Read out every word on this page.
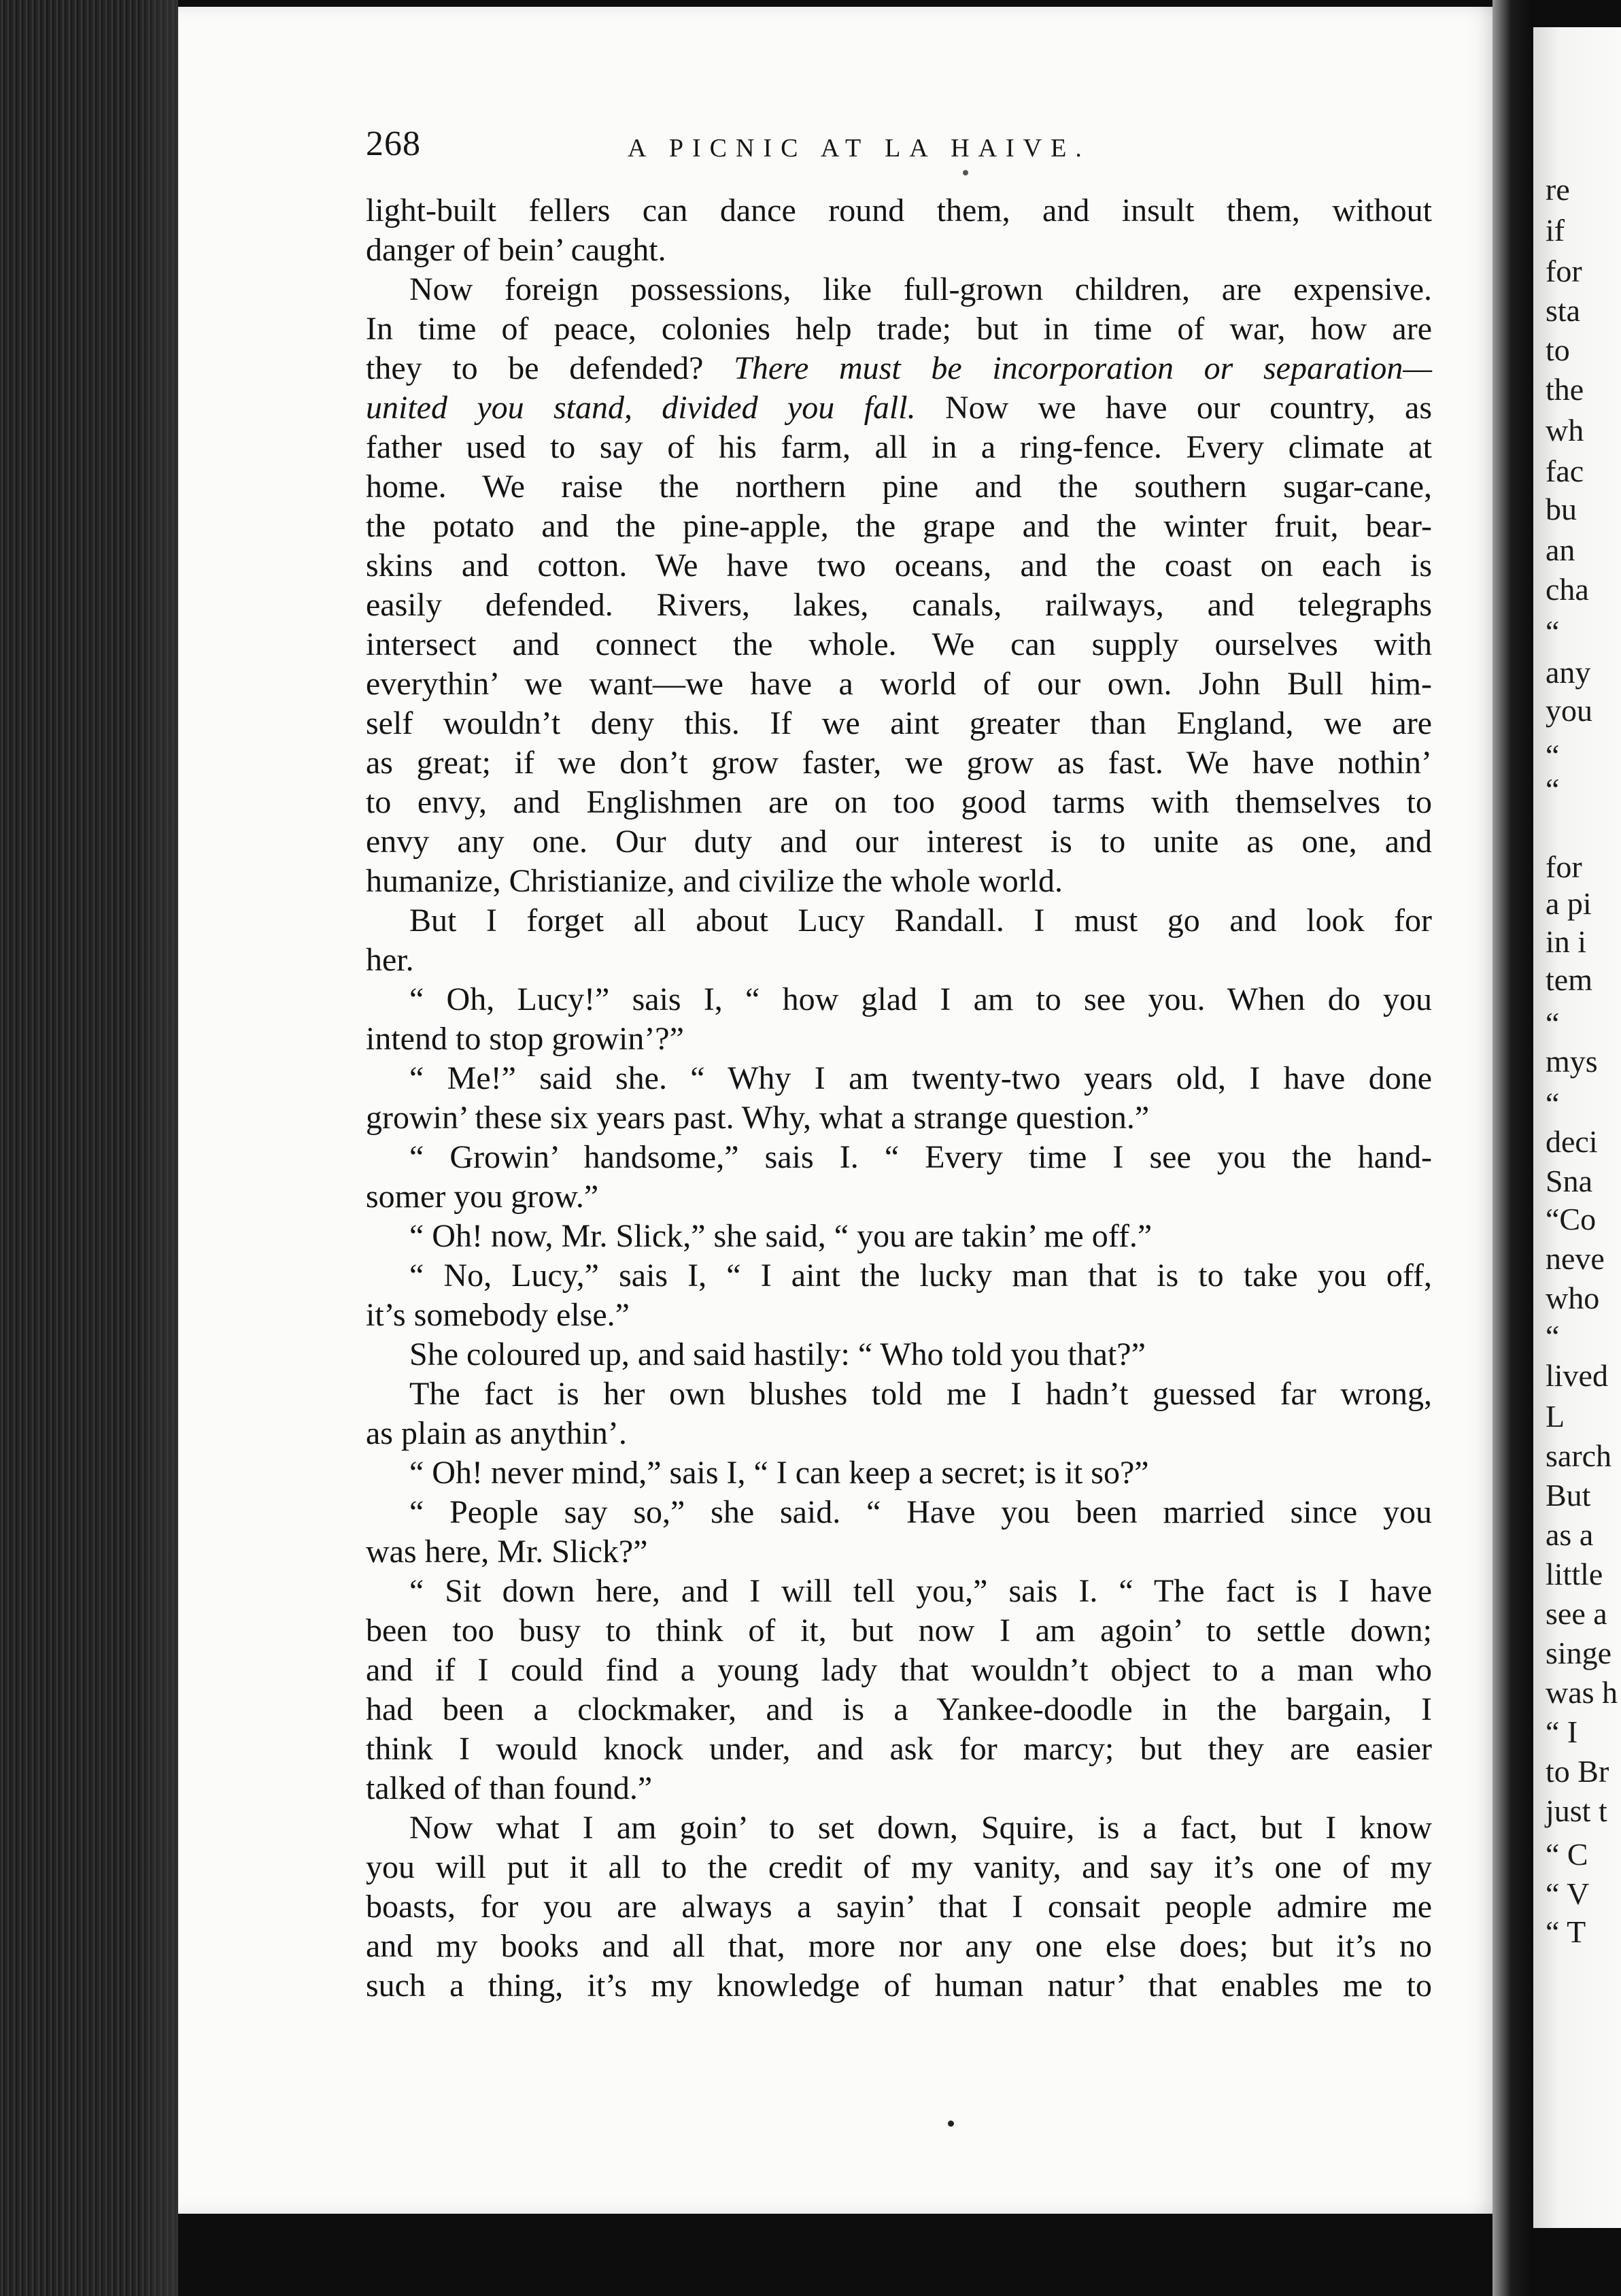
268	A PICNIC AT LA HAIVE.
light-built fellers can dance round them, and insult them, without
danger of bein’ caught.
Now foreign possessions, like full-grown children, are expensive.
In time of peace, colonies help trade; but in time of war, how are
they to be defended? There must be incorporation or separation—
united you stand, divided you fall. Now we have our country, as
father used to say of his farm, all in a ring-fence. Every climate at
home. We raise the northern pine and the southern sugar-cane,
the potato and the pine-apple, the grape and the winter fruit, bear-
skins and cotton. We have two oceans, and the coast on each is
easily defended. Rivers, lakes, canals, railways, and telegraphs
intersect and connect the whole. We can supply ourselves with
everythin’ we want—we have a world of our own. John Bull him-
self wouldn’t deny this. If we aint greater than England, we are
as great; if we don’t grow faster, we grow as fast. We have nothin’
to envy, and Englishmen are on too good tarms with themselves to
envy any one. Our duty and our interest is to unite as one, and
humanize, Christianize, and civilize the whole world.
But I forget all about Lucy Randall. I must go and look for
her.
“ Oh, Lucy!” sais I, “ how glad I am to see you. When do you
intend to stop growin’?”
“ Me!” said she. “ Why I am twenty-two years old, I have done
growin’ these six years past. Why, what a strange question.”
“ Growin’ handsome,” sais I. “ Every time I see you the hand-
somer you grow.”
“ Oh! now, Mr. Slick,” she said, “ you are takin’ me off.”
“ No, Lucy,” sais I, “ I aint the lucky man that is to take you off,
it’s somebody else.”
She coloured up, and said hastily: “ Who told you that?”
The fact is her own blushes told me I hadn’t guessed far wrong,
as plain as anythin’.
“ Oh! never mind,” sais I, “ I can keep a secret; is it so?”
“ People say so,” she said. “ Have you been married since you
was here, Mr. Slick?”
“ Sit down here, and I will tell you,” sais I. “ The fact is I have
been too busy to think of it, but now I am agoin’ to settle down;
and if I could find a young lady that wouldn’t object to a man who
had been a clockmaker, and is a Yankee-doodle in the bargain, I
think I would knock under, and ask for marcy; but they are easier
talked of than found.”
Now what I am goin’ to set down, Squire, is a fact, but I know
you will put it all to the credit of my vanity, and say it’s one of my
boasts, for you are always a sayin’ that I consait people admire me
and my books and all that, more nor any one else does; but it’s no
such a thing, it’s my knowledge of human natur’ that enables me to
re
if
for
sta
to
the
wh
fac
bu
an
cha
“
any
you
“
“
for
a pi
in i
tem
“
mys
“
deci
Sna
“Co
neve
who
“
lived
L
sarch
But
as a
little
see a
singe
was h
“ I
to Br
just t
“ C
“ V
“ T
